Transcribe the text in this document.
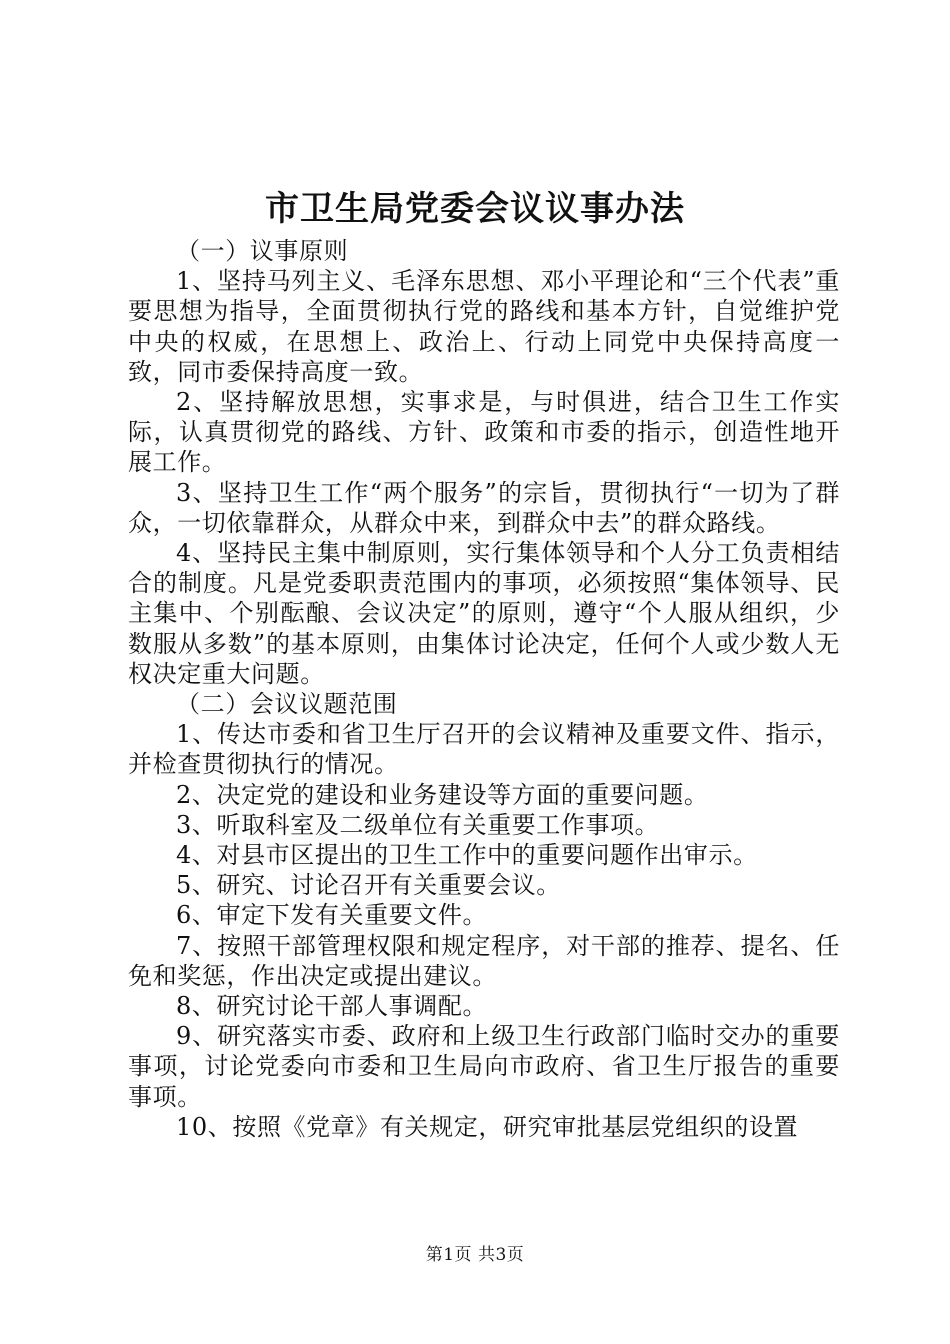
市卫生局党委会议议事办法

（一）议事原则

1、坚持马列主义、毛泽东思想、邓小平理论和“三个代表”重要思想为指导，全面贯彻执行党的路线和基本方针，自觉维护党中央的权威，在思想上、政治上、行动上同党中央保持高度一致，同市委保持高度一致。

2、坚持解放思想，实事求是，与时俱进，结合卫生工作实际，认真贯彻党的路线、方针、政策和市委的指示，创造性地开展工作。

3、坚持卫生工作“两个服务”的宗旨，贯彻执行“一切为了群众，一切依靠群众，从群众中来，到群众中去”的群众路线。

4、坚持民主集中制原则，实行集体领导和个人分工负责相结合的制度。凡是党委职责范围内的事项，必须按照“集体领导、民主集中、个别酝酿、会议决定”的原则，遵守“个人服从组织，少数服从多数”的基本原则，由集体讨论决定，任何个人或少数人无权决定重大问题。

（二）会议议题范围

1、传达市委和省卫生厅召开的会议精神及重要文件、指示，并检查贯彻执行的情况。

2、决定党的建设和业务建设等方面的重要问题。

3、听取科室及二级单位有关重要工作事项。

4、对县市区提出的卫生工作中的重要问题作出审示。

5、研究、讨论召开有关重要会议。

6、审定下发有关重要文件。

7、按照干部管理权限和规定程序，对干部的推荐、提名、任免和奖惩，作出决定或提出建议。

8、研究讨论干部人事调配。

9、研究落实市委、政府和上级卫生行政部门临时交办的重要事项，讨论党委向市委和卫生局向市政府、省卫生厅报告的重要事项。

10、按照《党章》有关规定，研究审批基层党组织的设置

第1页 共3页
